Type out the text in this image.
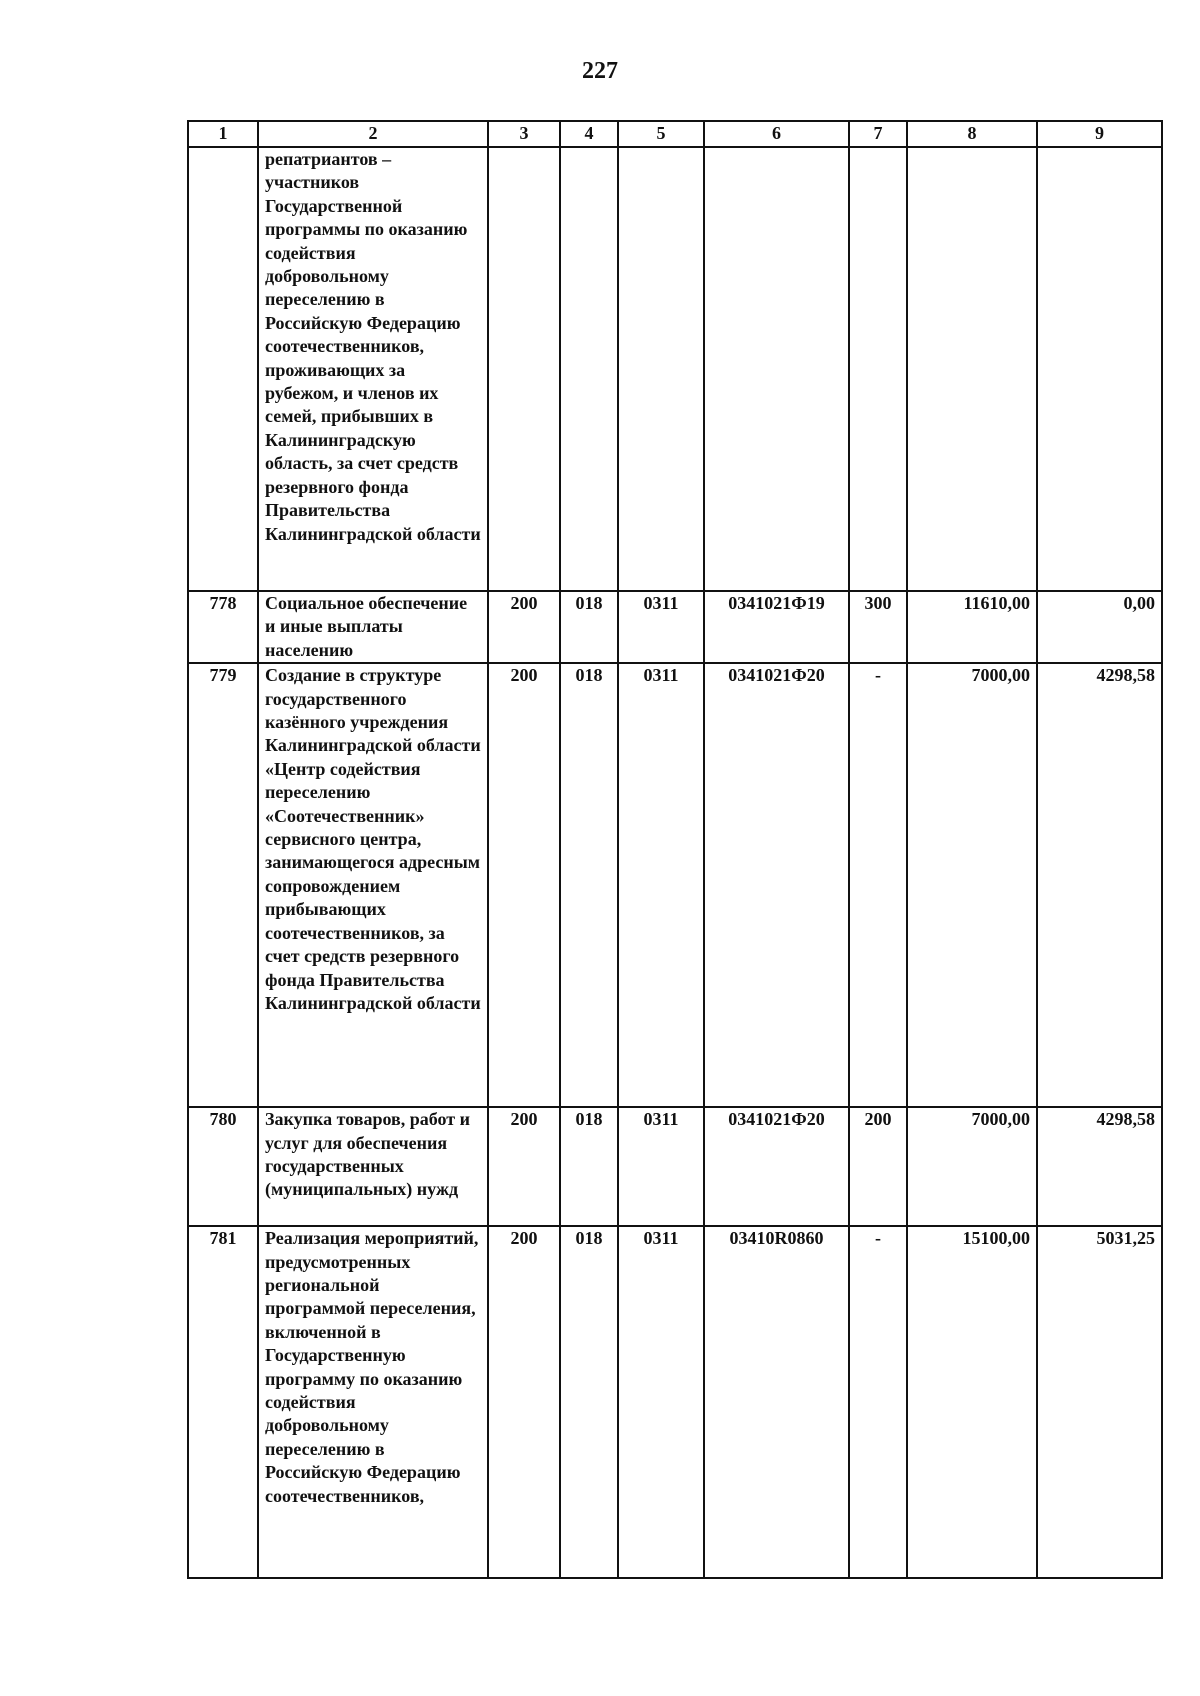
227
1	2	3	4	5	6	7	8	9
	репатриантов – участников Государственной программы по оказанию содействия добровольному переселению в Российскую Федерацию соотечественников, проживающих за рубежом, и членов их семей, прибывших в Калининградскую область, за счет средств резервного фонда Правительства Калининградской области							
778	Социальное обеспечение и иные выплаты населению	200	018	0311	0341021Ф19	300	11610,00	0,00
779	Создание в структуре государственного казённого учреждения Калининградской области «Центр содействия переселению «Соотечественник» сервисного центра, занимающегося адресным сопровождением прибывающих соотечественников, за счет средств резервного фонда Правительства Калининградской области	200	018	0311	0341021Ф20	-	7000,00	4298,58
780	Закупка товаров, работ и услуг для обеспечения государственных (муниципальных) нужд	200	018	0311	0341021Ф20	200	7000,00	4298,58
781	Реализация мероприятий, предусмотренных региональной программой переселения, включенной в Государственную программу по оказанию содействия добровольному переселению в Российскую Федерацию соотечественников,	200	018	0311	03410R0860	-	15100,00	5031,25
